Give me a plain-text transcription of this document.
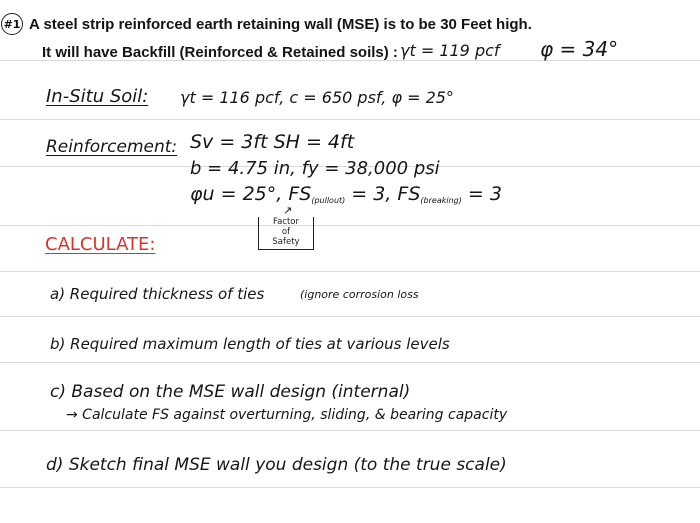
#1 A steel strip reinforced earth retaining wall (MSE) is to be 30 Feet high.
It will have Backfill (Reinforced & Retained soils) : γt = 119 pcf φ = 34°
In-Situ Soil: γt = 116 pcf, c = 650 psf, φ = 25°
Reinforcement: Sv = 3ft SH = 4ft
b = 4.75 in, fy = 38,000 psi
φu = 25°, $FS_{(pullout)} = 3$, $FS_{(breaking)} = 3$
↗
Factor
of
Safety
CALCULATE:
a) Required thickness of ties	(ignore corrosion loss
b) Required maximum length of ties at various levels
c) Based on the MSE wall design (internal)
→ Calculate FS against overturning, sliding, & bearing capacity
d) Sketch final MSE wall you design (to the true scale)
